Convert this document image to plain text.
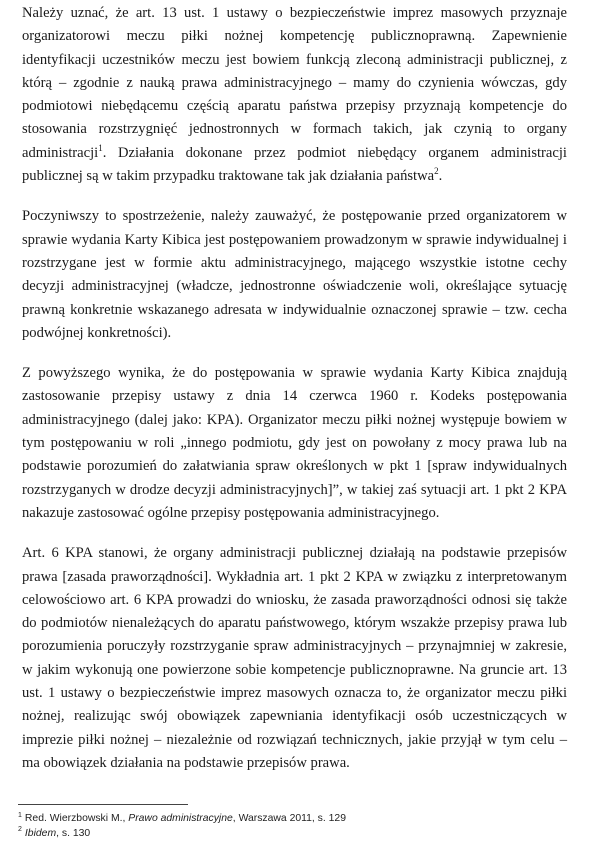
Należy uznać, że art. 13 ust. 1 ustawy o bezpieczeństwie imprez masowych przyznaje organizatorowi meczu piłki nożnej kompetencję publicznoprawną. Zapewnienie identyfikacji uczestników meczu jest bowiem funkcją zleconą administracji publicznej, z którą – zgodnie z nauką prawa administracyjnego – mamy do czynienia wówczas, gdy podmiotowi niebędącemu częścią aparatu państwa przepisy przyznają kompetencje do stosowania rozstrzygnięć jednostronnych w formach takich, jak czynią to organy administracji$^1$. Działania dokonane przez podmiot niebędący organem administracji publicznej są w takim przypadku traktowane tak jak działania państwa$^2$.

Poczyniwszy to spostrzeżenie, należy zauważyć, że postępowanie przed organizatorem w sprawie wydania Karty Kibica jest postępowaniem prowadzonym w sprawie indywidualnej i rozstrzygane jest w formie aktu administracyjnego, mającego wszystkie istotne cechy decyzji administracyjnej (władcze, jednostronne oświadczenie woli, określające sytuację prawną konkretnie wskazanego adresata w indywidualnie oznaczonej sprawie – tzw. cecha podwójnej konkretności).

Z powyższego wynika, że do postępowania w sprawie wydania Karty Kibica znajdują zastosowanie przepisy ustawy z dnia 14 czerwca 1960 r. Kodeks postępowania administracyjnego (dalej jako: KPA). Organizator meczu piłki nożnej występuje bowiem w tym postępowaniu w roli „innego podmiotu, gdy jest on powołany z mocy prawa lub na podstawie porozumień do załatwiania spraw określonych w pkt 1 [spraw indywidualnych rozstrzyganych w drodze decyzji administracyjnych]”, w takiej zaś sytuacji art. 1 pkt 2 KPA nakazuje zastosować ogólne przepisy postępowania administracyjnego.

Art. 6 KPA stanowi, że organy administracji publicznej działają na podstawie przepisów prawa [zasada praworządności]. Wykładnia art. 1 pkt 2 KPA w związku z interpretowanym celowościowo art. 6 KPA prowadzi do wniosku, że zasada praworządności odnosi się także do podmiotów nienależących do aparatu państwowego, którym wszakże przepisy prawa lub porozumienia poruczyły rozstrzyganie spraw administracyjnych – przynajmniej w zakresie, w jakim wykonują one powierzone sobie kompetencje publicznoprawne. Na gruncie art. 13 ust. 1 ustawy o bezpieczeństwie imprez masowych oznacza to, że organizator meczu piłki nożnej, realizując swój obowiązek zapewniania identyfikacji osób uczestniczących w imprezie piłki nożnej – niezależnie od rozwiązań technicznych, jakie przyjął w tym celu – ma obowiązek działania na podstawie przepisów prawa.

$^1$ Red. Wierzbowski M., Prawo administracyjne, Warszawa 2011, s. 129

$^2$ Ibidem, s. 130
